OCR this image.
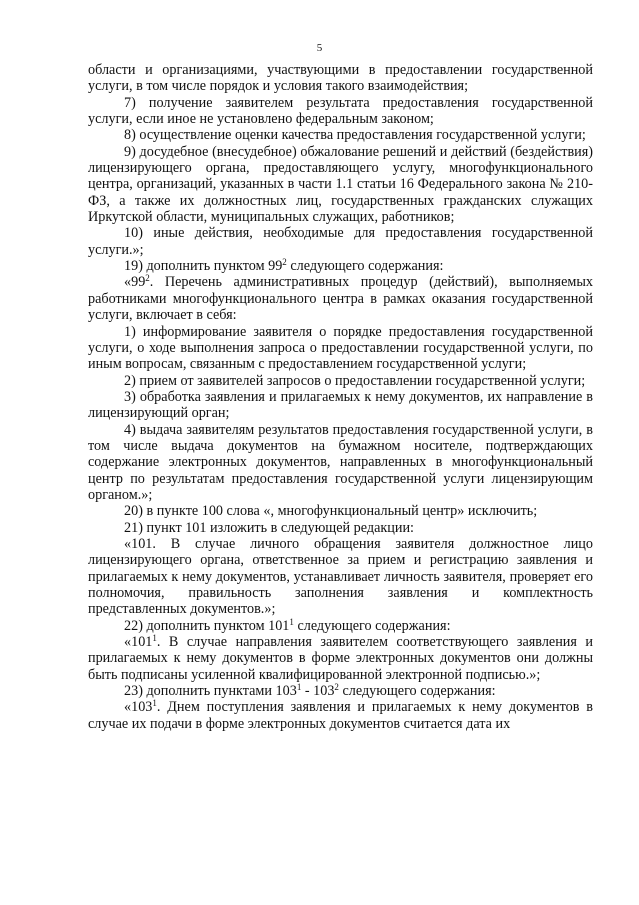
5

области и организациями, участвующими в предоставлении государственной услуги, в том числе порядок и условия такого взаимодействия;

7) получение заявителем результата предоставления государственной услуги, если иное не установлено федеральным законом;

8) осуществление оценки качества предоставления государственной услуги;

9) досудебное (внесудебное) обжалование решений и действий (бездействия) лицензирующего органа, предоставляющего услугу, многофункционального центра, организаций, указанных в части 1.1 статьи 16 Федерального закона № 210-ФЗ, а также их должностных лиц, государственных гражданских служащих Иркутской области, муниципальных служащих, работников;

10) иные действия, необходимые для предоставления государственной услуги.»;

19) дополнить пунктом $99^2$ следующего содержания:

«$99^2$. Перечень административных процедур (действий), выполняемых работниками многофункционального центра в рамках оказания государственной услуги, включает в себя:

1) информирование заявителя о порядке предоставления государственной услуги, о ходе выполнения запроса о предоставлении государственной услуги, по иным вопросам, связанным с предоставлением государственной услуги;

2) прием от заявителей запросов о предоставлении государственной услуги;

3) обработка заявления и прилагаемых к нему документов, их направление в лицензирующий орган;

4) выдача заявителям результатов предоставления государственной услуги, в том числе выдача документов на бумажном носителе, подтверждающих содержание электронных документов, направленных в многофункциональный центр по результатам предоставления государственной услуги лицензирующим органом.»;

20) в пункте 100 слова «, многофункциональный центр» исключить;

21) пункт 101 изложить в следующей редакции:

«101. В случае личного обращения заявителя должностное лицо лицензирующего органа, ответственное за прием и регистрацию заявления и прилагаемых к нему документов, устанавливает личность заявителя, проверяет его полномочия, правильность заполнения заявления и комплектность представленных документов.»;

22) дополнить пунктом $101^1$ следующего содержания:

«$101^1$. В случае направления заявителем соответствующего заявления и прилагаемых к нему документов в форме электронных документов они должны быть подписаны усиленной квалифицированной электронной подписью.»;

23) дополнить пунктами $103^1 - 103^2$ следующего содержания:

«$103^1$. Днем поступления заявления и прилагаемых к нему документов в случае их подачи в форме электронных документов считается дата их
